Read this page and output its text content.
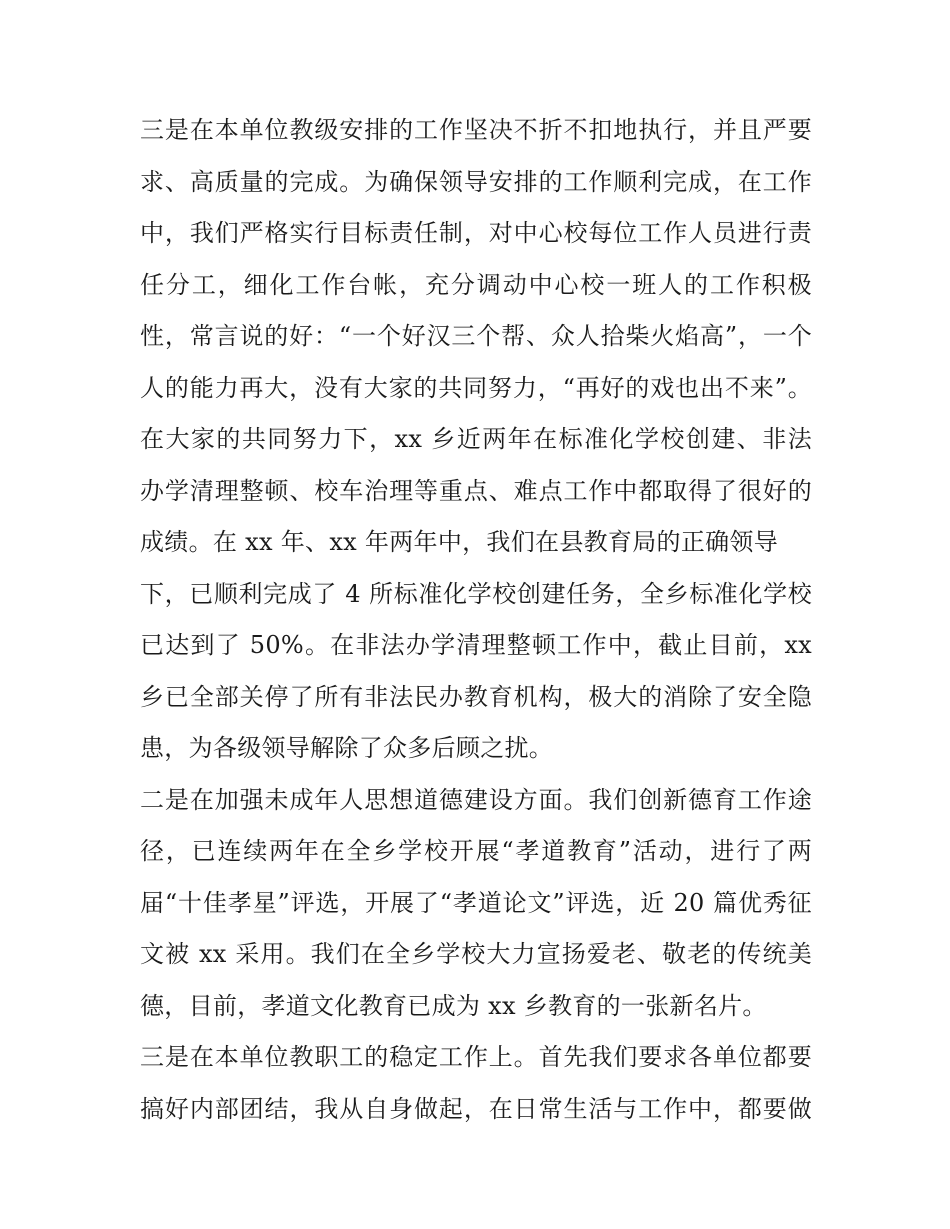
三是在本单位教级安排的工作坚决不折不扣地执行，并且严要
求、高质量的完成。为确保领导安排的工作顺利完成，在工作
中，我们严格实行目标责任制，对中心校每位工作人员进行责
任分工，细化工作台帐，充分调动中心校一班人的工作积极
性，常言说的好：“一个好汉三个帮、众人拾柴火焰高”，一个
人的能力再大，没有大家的共同努力，“再好的戏也出不来”。
在大家的共同努力下，xx 乡近两年在标准化学校创建、非法
办学清理整顿、校车治理等重点、难点工作中都取得了很好的
成绩。在 xx 年、xx 年两年中，我们在县教育局的正确领导
下，已顺利完成了 4 所标准化学校创建任务，全乡标准化学校
已达到了 50%。在非法办学清理整顿工作中，截止目前，xx
乡已全部关停了所有非法民办教育机构，极大的消除了安全隐
患，为各级领导解除了众多后顾之扰。
二是在加强未成年人思想道德建设方面。我们创新德育工作途
径，已连续两年在全乡学校开展“孝道教育”活动，进行了两
届“十佳孝星”评选，开展了“孝道论文”评选，近 20 篇优秀征
文被 xx 采用。我们在全乡学校大力宣扬爱老、敬老的传统美
德，目前，孝道文化教育已成为 xx 乡教育的一张新名片。
三是在本单位教职工的稳定工作上。首先我们要求各单位都要
搞好内部团结，我从自身做起，在日常生活与工作中，都要做
